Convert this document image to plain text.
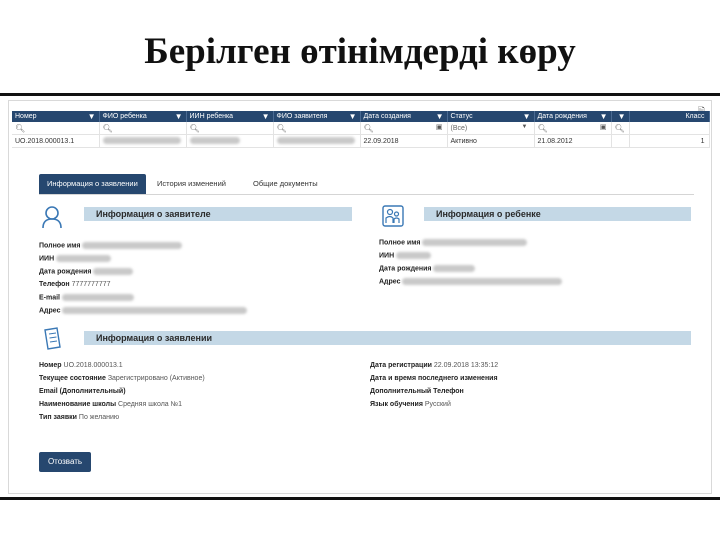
Берілген өтінімдерді көру
Номер ▼	ФИО ребенка ▼	ИИН ребенка ▼	ФИО заявителя ▼	Дата создания ▼	Статус ▼	Дата рождения ▼	▼	Класс
🔍︎	🔍︎	🔍︎	🔍︎	🔍︎ ▣	(Все) ▼	🔍︎ ▣	🔍︎	
UO.2018.000013.1				22.09.2018	Активно	21.08.2012		1
Информация о заявлении	История изменений	Общие документы
Информация о заявителе
Полное имя
ИИН
Дата рождения
Телефон 7777777777
E-mail
Адрес
Информация о ребенке
Полное имя
ИИН
Дата рождения
Адрес
Информация о заявлении
Номер UO.2018.000013.1
Текущее состояние Зарегистрировано (Активное)
Email (Дополнительный)
Наименование школы Средняя школа №1
Тип заявки По желанию
Дата регистрации 22.09.2018 13:35:12
Дата и время последнего изменения
Дополнительный Телефон
Язык обучения Русский
Отозвать
